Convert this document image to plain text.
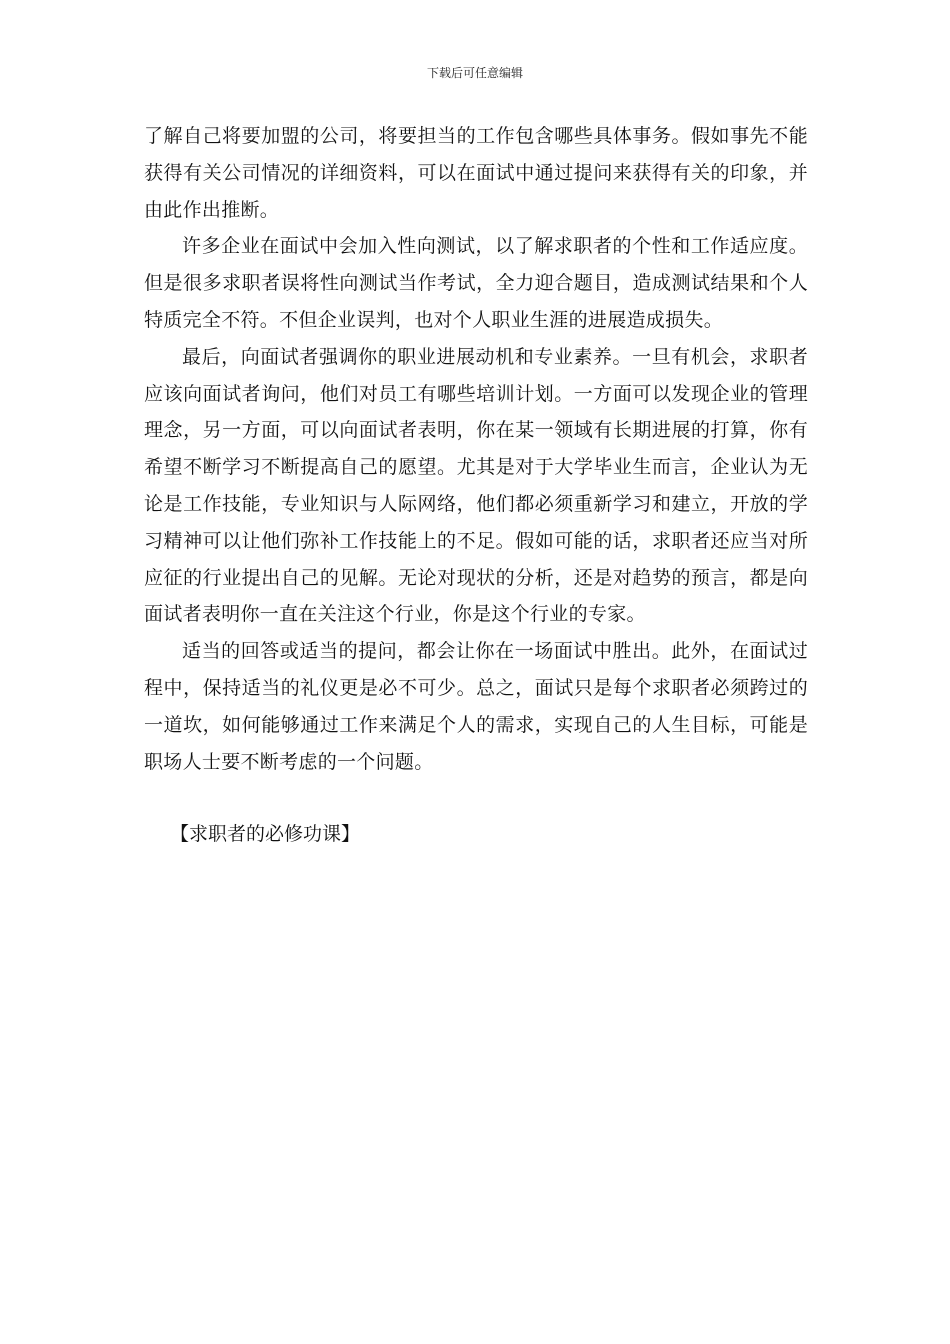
下载后可任意编辑

了解自己将要加盟的公司，将要担当的工作包含哪些具体事务。假如事先不能获得有关公司情况的详细资料，可以在面试中通过提问来获得有关的印象，并由此作出推断。

许多企业在面试中会加入性向测试，以了解求职者的个性和工作适应度。但是很多求职者误将性向测试当作考试，全力迎合题目，造成测试结果和个人特质完全不符。不但企业误判，也对个人职业生涯的进展造成损失。

最后，向面试者强调你的职业进展动机和专业素养。一旦有机会，求职者应该向面试者询问，他们对员工有哪些培训计划。一方面可以发现企业的管理理念，另一方面，可以向面试者表明，你在某一领域有长期进展的打算，你有希望不断学习不断提高自己的愿望。尤其是对于大学毕业生而言，企业认为无论是工作技能，专业知识与人际网络，他们都必须重新学习和建立，开放的学习精神可以让他们弥补工作技能上的不足。假如可能的话，求职者还应当对所应征的行业提出自己的见解。无论对现状的分析，还是对趋势的预言，都是向面试者表明你一直在关注这个行业，你是这个行业的专家。

适当的回答或适当的提问，都会让你在一场面试中胜出。此外，在面试过程中，保持适当的礼仪更是必不可少。总之，面试只是每个求职者必须跨过的一道坎，如何能够通过工作来满足个人的需求，实现自己的人生目标，可能是职场人士要不断考虑的一个问题。

【求职者的必修功课】
